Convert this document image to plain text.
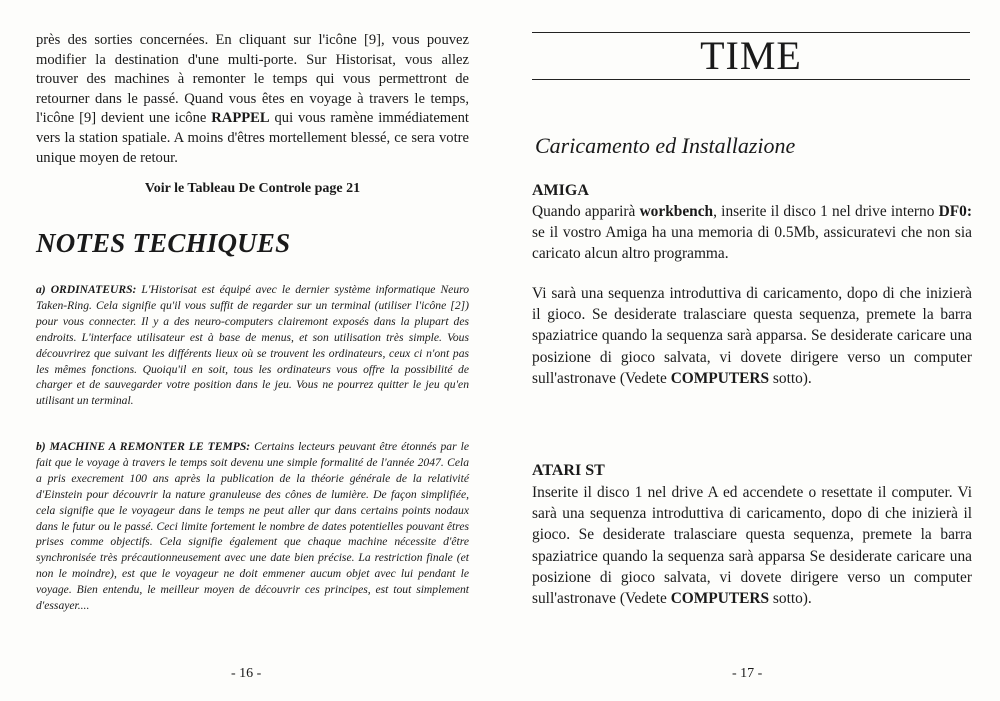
près des sorties concernées. En cliquant sur l'icône [9], vous pouvez modifier la destination d'une multi-porte. Sur Historisat, vous allez trouver des machines à remonter le temps qui vous permettront de retourner dans le passé. Quand vous êtes en voyage à travers le temps, l'icône [9] devient une icône RAPPEL qui vous ramène immédiatement vers la station spatiale. A moins d'êtres mortellement blessé, ce sera votre unique moyen de retour.

Voir le Tableau De Controle page 21
NOTES TECHIQUES

a) ORDINATEURS: L'Historisat est équipé avec le dernier système informatique Neuro Taken-Ring. Cela signifie qu'il vous suffit de regarder sur un terminal (utiliser l'icône [2]) pour vous connecter. Il y a des neuro-computers clairemont exposés dans la plupart des endroits. L'interface utilisateur est à base de menus, et son utilisation très simple. Vous découvrirez que suivant les différents lieux où se trouvent les ordinateurs, ceux ci n'ont pas les mêmes fonctions. Quoiqu'il en soit, tous les ordinateurs vous offre la possibilité de charger et de sauvegarder votre position dans le jeu. Vous ne pourrez quitter le jeu qu'en utilisant un terminal.

b) MACHINE A REMONTER LE TEMPS: Certains lecteurs peuvant être étonnés par le fait que le voyage à travers le temps soit devenu une simple formalité de l'année 2047. Cela a pris execrement 100 ans après la publication de la théorie générale de la relativité d'Einstein pour découvrir la nature granuleuse des cônes de lumière. De façon simplifiée, cela signifie que le voyageur dans le temps ne peut aller qur dans certains points nodaux dans le futur ou le passé. Ceci limite fortement le nombre de dates potentielles pouvant êtres prises comme objectifs. Cela signifie également que chaque machine nécessite d'être synchronisée très précautionneusement avec une date bien précise. La restriction finale (et non le moindre), est que le voyageur ne doit emmener aucum objet avec lui pendant le voyage. Bien entendu, le meilleur moyen de découvrir ces principes, est tout simplement d'essayer....

- 16 -
TIME
Caricamento ed Installazione
AMIGA

Quando apparirà workbench, inserite il disco 1 nel drive interno DF0: se il vostro Amiga ha una memoria di 0.5Mb, assicuratevi che non sia caricato alcun altro programma.

Vi sarà una sequenza introduttiva di caricamento, dopo di che inizierà il gioco. Se desiderate tralasciare questa sequenza, premete la barra spaziatrice quando la sequenza sarà apparsa. Se desiderate caricare una posizione di gioco salvata, vi dovete dirigere verso un computer sull'astronave (Vedete COMPUTERS sotto).

ATARI ST

Inserite il disco 1 nel drive A ed accendete o resettate il computer. Vi sarà una sequenza introduttiva di caricamento, dopo di che inizierà il gioco. Se desiderate tralasciare questa sequenza, premete la barra spaziatrice quando la sequenza sarà apparsa Se desiderate caricare una posizione di gioco salvata, vi dovete dirigere verso un computer sull'astronave (Vedete COMPUTERS sotto).

- 17 -
